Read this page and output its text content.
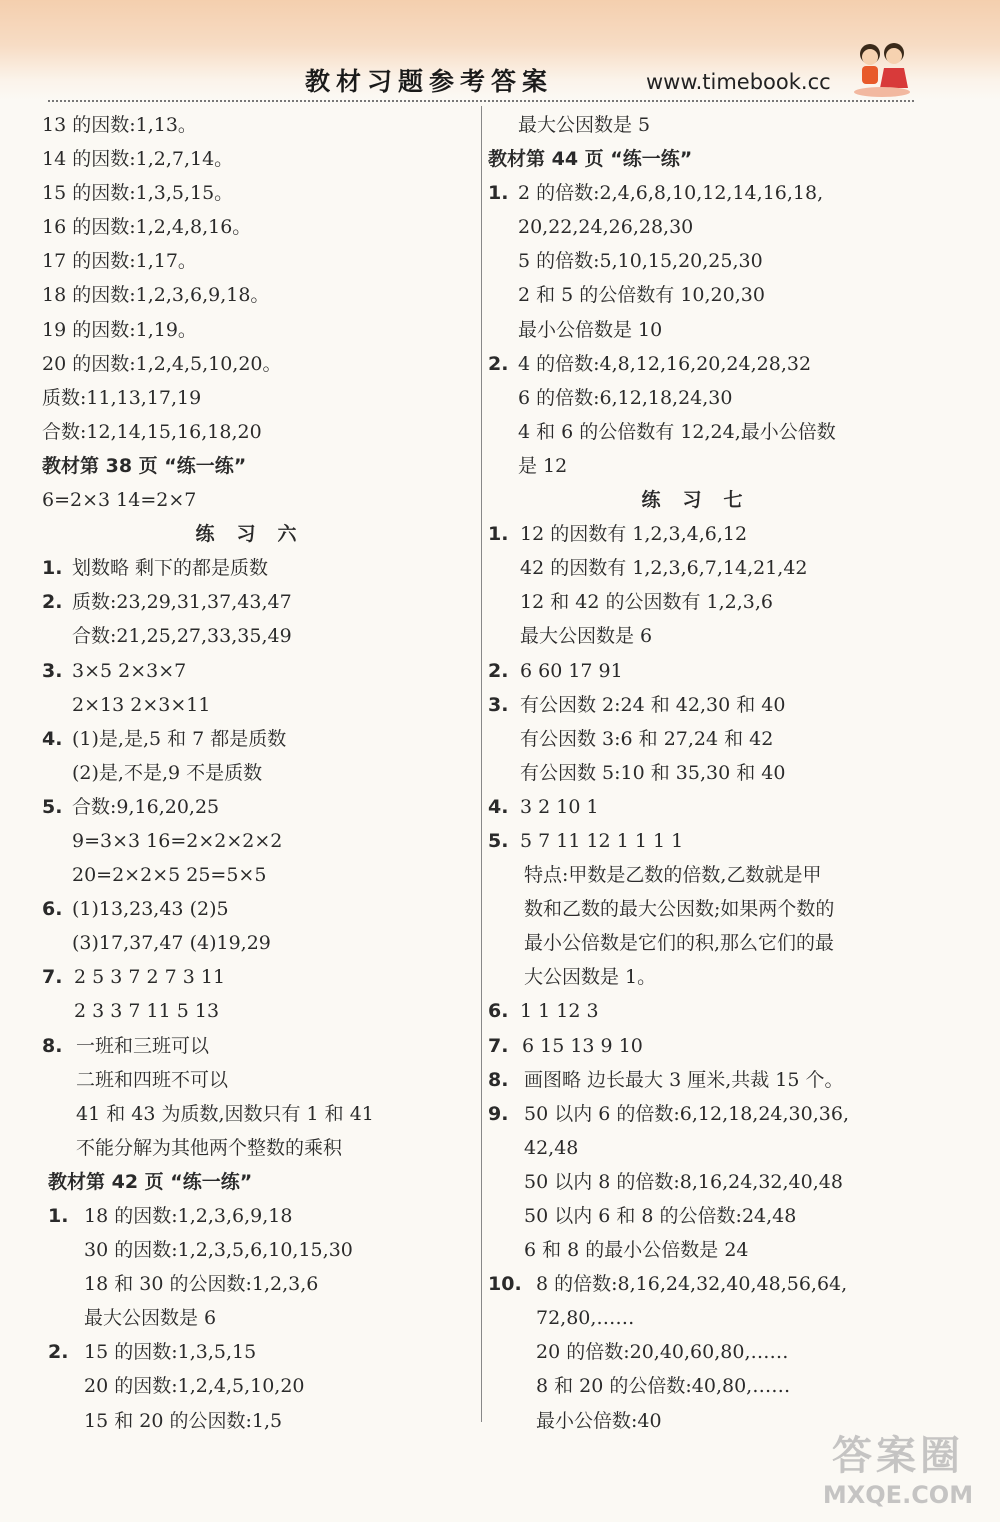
教材习题参考答案	www.timebook.cc
13 的因数:1,13。
14 的因数:1,2,7,14。
15 的因数:1,3,5,15。
16 的因数:1,2,4,8,16。
17 的因数:1,17。
18 的因数:1,2,3,6,9,18。
19 的因数:1,19。
20 的因数:1,2,4,5,10,20。
质数:11,13,17,19
合数:12,14,15,16,18,20
教材第 38 页 “练一练”
6=2×3 14=2×7
练习六
1. 划数略 剩下的都是质数
2. 质数:23,29,31,37,43,47
合数:21,25,27,33,35,49
3. 3×5 2×3×7
2×13 2×3×11
4. (1)是,是,5 和 7 都是质数
(2)是,不是,9 不是质数
5. 合数:9,16,20,25
9=3×3 16=2×2×2×2
20=2×2×5 25=5×5
6. (1)13,23,43 (2)5
(3)17,37,47 (4)19,29
7. 2 5 3 7 2 7 3 11
2 3 3 7 11 5 13
8. 一班和三班可以
二班和四班不可以
41 和 43 为质数,因数只有 1 和 41
不能分解为其他两个整数的乘积
教材第 42 页 “练一练”
1. 18 的因数:1,2,3,6,9,18
30 的因数:1,2,3,5,6,10,15,30
18 和 30 的公因数:1,2,3,6
最大公因数是 6
2. 15 的因数:1,3,5,15
20 的因数:1,2,4,5,10,20
15 和 20 的公因数:1,5
最大公因数是 5
教材第 44 页 “练一练”
1. 2 的倍数:2,4,6,8,10,12,14,16,18,
20,22,24,26,28,30
5 的倍数:5,10,15,20,25,30
2 和 5 的公倍数有 10,20,30
最小公倍数是 10
2. 4 的倍数:4,8,12,16,20,24,28,32
6 的倍数:6,12,18,24,30
4 和 6 的公倍数有 12,24,最小公倍数
是 12
练习七
1. 12 的因数有 1,2,3,4,6,12
42 的因数有 1,2,3,6,7,14,21,42
12 和 42 的公因数有 1,2,3,6
最大公因数是 6
2. 6 60 17 91
3. 有公因数 2:24 和 42,30 和 40
有公因数 3:6 和 27,24 和 42
有公因数 5:10 和 35,30 和 40
4. 3 2 10 1
5. 5 7 11 12 1 1 1 1
特点:甲数是乙数的倍数,乙数就是甲
数和乙数的最大公因数;如果两个数的
最小公倍数是它们的积,那么它们的最
大公因数是 1。
6. 1 1 12 3
7. 6 15 13 9 10
8. 画图略 边长最大 3 厘米,共裁 15 个。
9. 50 以内 6 的倍数:6,12,18,24,30,36,
42,48
50 以内 8 的倍数:8,16,24,32,40,48
50 以内 6 和 8 的公倍数:24,48
6 和 8 的最小公倍数是 24
10. 8 的倍数:8,16,24,32,40,48,56,64,
72,80,……
20 的倍数:20,40,60,80,……
8 和 20 的公倍数:40,80,……
最小公倍数:40
答案圈
MXQE.COM
